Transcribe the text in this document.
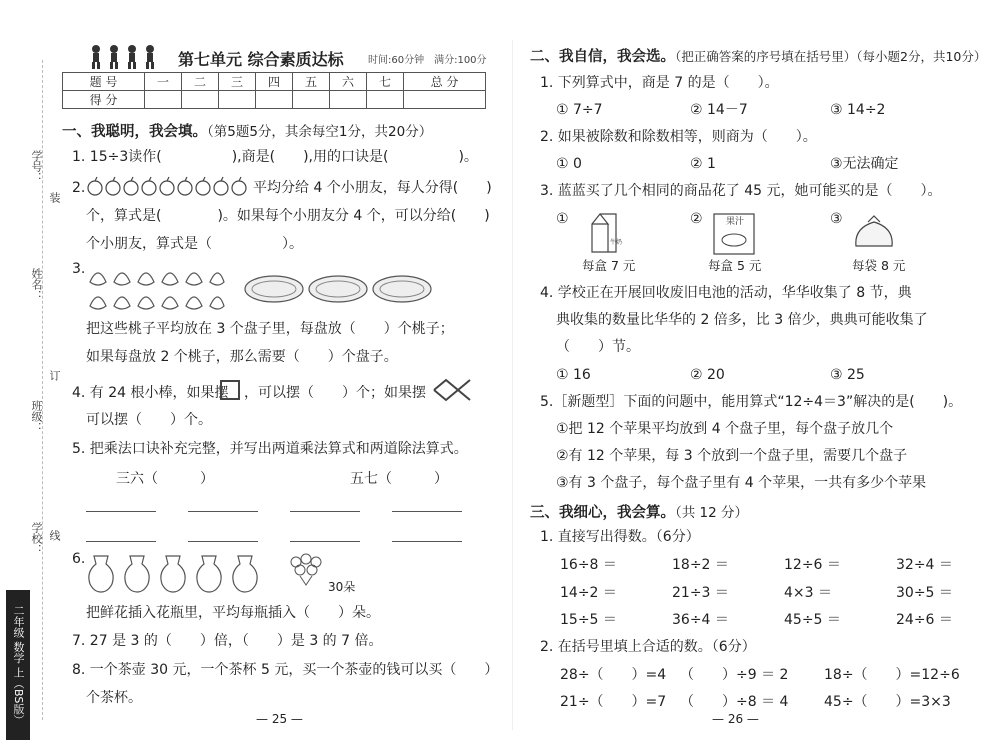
学号：
姓名：
班级：
学校：
装
订
线
二年级 数学 上（BS版）
第七单元 综合素质达标 时间:60分钟　满分:100分
题 号	一	二	三	四	五	六	七	总 分
得 分								
一、我聪明，我会填。（第5题5分，其余每空1分，共20分）
1. 15÷3读作(　　　　　),商是(　　),用的口诀是(　　　　　)。
2.	平均分给 4 个小朋友，每人分得(　　)
个，算式是(　　　　)。如果每个小朋友分 4 个，可以分给(　　)
个小朋友，算式是（　　　　　）。
3.
把这些桃子平均放在 3 个盘子里，每盘放（　　）个桃子；
如果每盘放 2 个桃子，那么需要（　　）个盘子。
4. 有 24 根小棒，如果摆 ，可以摆（　　）个；如果摆
可以摆（　　）个。
5. 把乘法口诀补充完整，并写出两道乘法算式和两道除法算式。
三六（　　　）	五七（　　　）
6.
30朵
把鲜花插入花瓶里，平均每瓶插入（　　）朵。
7. 27 是 3 的（　　）倍，（　　）是 3 的 7 倍。
8. 一个茶壶 30 元，一个茶杯 5 元，买一个茶壶的钱可以买（　　）
个茶杯。
— 25 —
二、我自信，我会选。（把正确答案的序号填在括号里）（每小题2分，共10分）
1. 下列算式中，商是 7 的是（　　）。
① 7÷7	② 14－7	③ 14÷2
2. 如果被除数和除数相等，则商为（　　）。
① 0	② 1	③无法确定
3. 蓝蓝买了几个相同的商品花了 45 元，她可能买的是（　　）。
①	②	③
牛奶
果汁
每盒 7 元	每盒 5 元	每袋 8 元
4. 学校正在开展回收废旧电池的活动，华华收集了 8 节，典
典收集的数量比华华的 2 倍多，比 3 倍少，典典可能收集了
（　　）节。
① 16	② 20	③ 25
5.［新题型］下面的问题中，能用算式“12÷4＝3”解决的是(　　)。
①把 12 个苹果平均放到 4 个盘子里，每个盘子放几个
②有 12 个苹果，每 3 个放到一个盘子里，需要几个盘子
③有 3 个盘子，每个盘子里有 4 个苹果，一共有多少个苹果
三、我细心，我会算。（共 12 分）
1. 直接写出得数。（6分）
16÷8 ＝	18÷2 ＝	12÷6 ＝	32÷4 ＝
14÷2 ＝	21÷3 ＝	4×3 ＝	30÷5 ＝
15÷5 ＝	36÷4 ＝	45÷5 ＝	24÷6 ＝
2. 在括号里填上合适的数。（6分）
28÷（　　）=4 （　　）÷9 ＝ 2	18÷（　　）=12÷6
21÷（　　）=7 （　　）÷8 ＝ 4	45÷（　　）=3×3
— 26 —
